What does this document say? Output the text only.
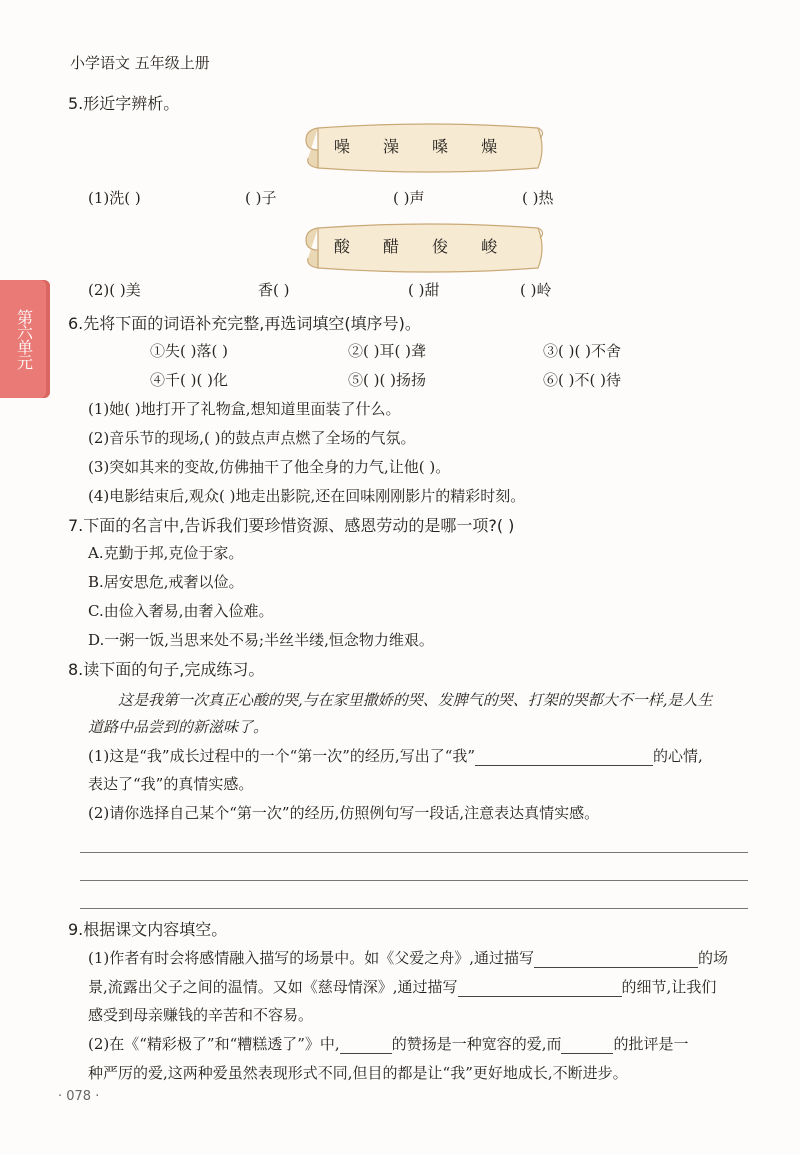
小学语文 五年级上册
第六单元
5.形近字辨析。
噪 澡 嗓 燥
(1)洗( )	( )子	( )声	( )热
酸 醋 俊 峻
(2)( )美	香( )	( )甜	( )岭
6.先将下面的词语补充完整,再选词填空(填序号)。
①失( )落( )	②( )耳( )聋	③( )( )不舍
④千( )( )化	⑤( )( )扬扬	⑥( )不( )待
(1)她( )地打开了礼物盒,想知道里面装了什么。
(2)音乐节的现场,( )的鼓点声点燃了全场的气氛。
(3)突如其来的变故,仿佛抽干了他全身的力气,让他( )。
(4)电影结束后,观众( )地走出影院,还在回味刚刚影片的精彩时刻。
7.下面的名言中,告诉我们要珍惜资源、感恩劳动的是哪一项?( )
A.克勤于邦,克俭于家。
B.居安思危,戒奢以俭。
C.由俭入奢易,由奢入俭难。
D.一粥一饭,当思来处不易;半丝半缕,恒念物力维艰。
8.读下面的句子,完成练习。
这是我第一次真正心酸的哭,与在家里撒娇的哭、发脾气的哭、打架的哭都大不一样,是人生
道路中品尝到的新滋味了。
(1)这是“我”成长过程中的一个“第一次”的经历,写出了“我”	的心情,
表达了“我”的真情实感。
(2)请你选择自己某个“第一次”的经历,仿照例句写一段话,注意表达真情实感。
9.根据课文内容填空。
(1)作者有时会将感情融入描写的场景中。如《父爱之舟》,通过描写	的场
景,流露出父子之间的温情。又如《慈母情深》,通过描写	的细节,让我们
感受到母亲赚钱的辛苦和不容易。
(2)在《“精彩极了”和“糟糕透了”》中,	的赞扬是一种宽容的爱,而	的批评是一
种严厉的爱,这两种爱虽然表现形式不同,但目的都是让“我”更好地成长,不断进步。
· 078 ·
